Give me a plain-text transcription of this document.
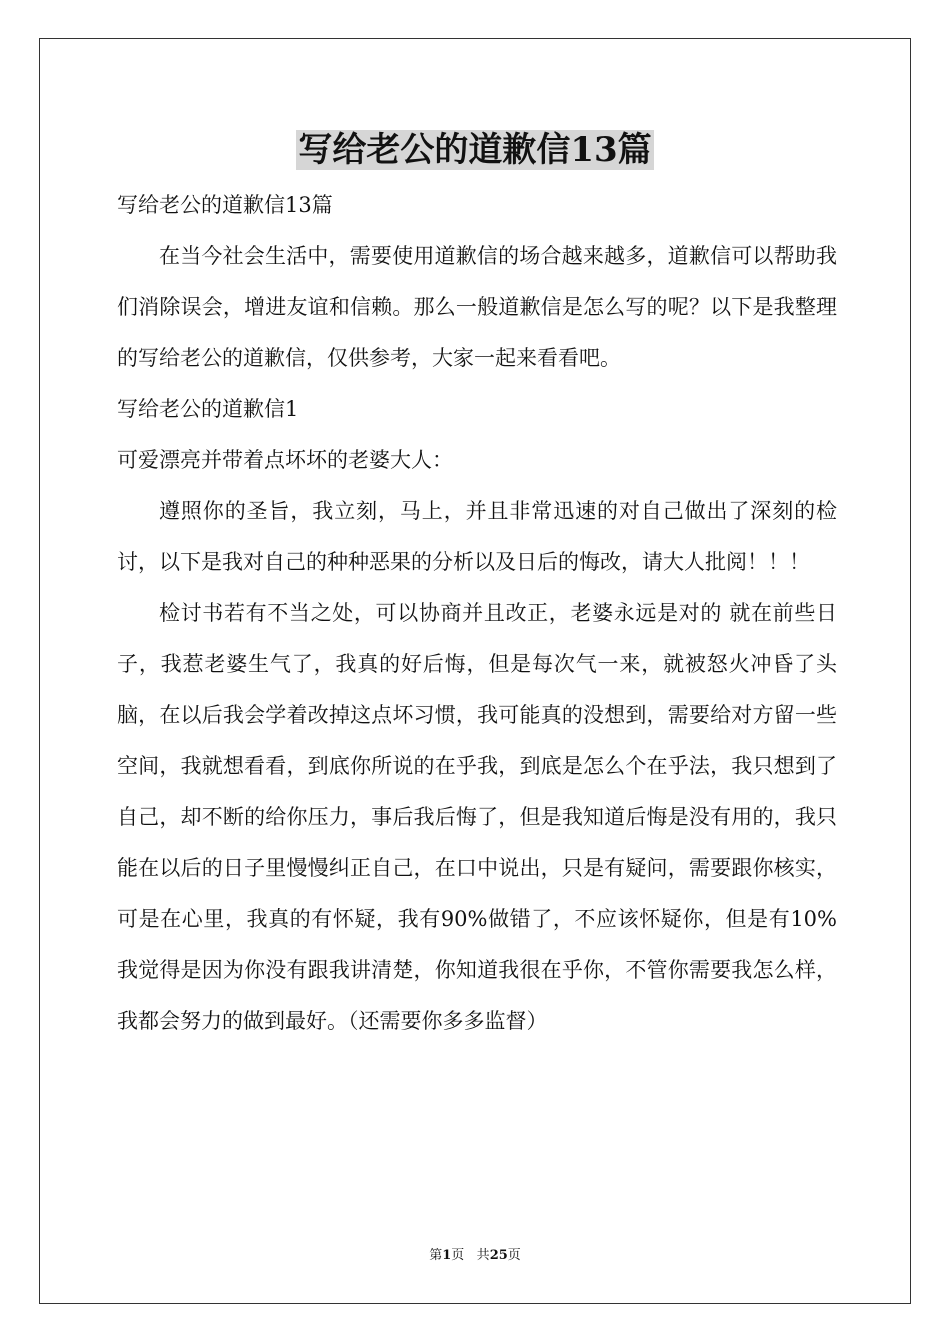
写给老公的道歉信13篇

写给老公的道歉信13篇

在当今社会生活中，需要使用道歉信的场合越来越多，道歉信可以帮助我们消除误会，增进友谊和信赖。那么一般道歉信是怎么写的呢？以下是我整理的写给老公的道歉信，仅供参考，大家一起来看看吧。

写给老公的道歉信1

可爱漂亮并带着点坏坏的老婆大人：

遵照你的圣旨，我立刻，马上，并且非常迅速的对自己做出了深刻的检讨，以下是我对自己的种种恶果的分析以及日后的悔改，请大人批阅！！！

检讨书若有不当之处，可以协商并且改正，老婆永远是对的 就在前些日子，我惹老婆生气了，我真的好后悔，但是每次气一来，就被怒火冲昏了头脑，在以后我会学着改掉这点坏习惯，我可能真的没想到，需要给对方留一些空间，我就想看看，到底你所说的在乎我，到底是怎么个在乎法，我只想到了自己，却不断的给你压力，事后我后悔了，但是我知道后悔是没有用的，我只能在以后的日子里慢慢纠正自己，在口中说出，只是有疑问，需要跟你核实，可是在心里，我真的有怀疑，我有90%做错了，不应该怀疑你，但是有10%我觉得是因为你没有跟我讲清楚，你知道我很在乎你，不管你需要我怎么样，我都会努力的做到最好。（还需要你多多监督）

第1页 共25页
